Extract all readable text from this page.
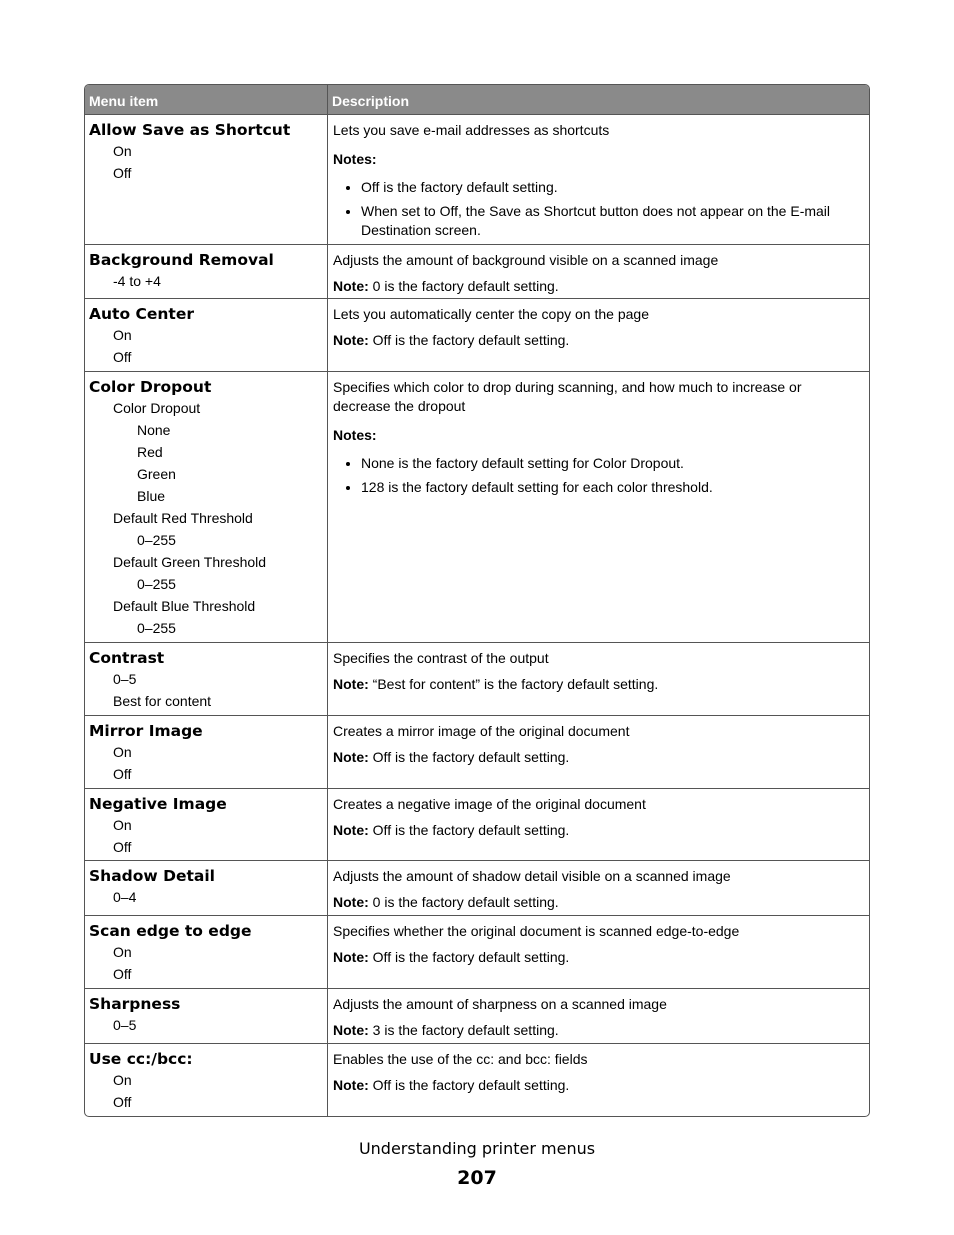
Menu item	Description
Allow Save as Shortcut
On
Off
Lets you save e-mail addresses as shortcuts
Notes:
• Off is the factory default setting.
• When set to Off, the Save as Shortcut button does not appear on the E-mail Destination screen.
Background Removal
-4 to +4
Adjusts the amount of background visible on a scanned image
Note: 0 is the factory default setting.
Auto Center
On
Off
Lets you automatically center the copy on the page
Note: Off is the factory default setting.
Color Dropout
Color Dropout
None
Red
Green
Blue
Default Red Threshold
0–255
Default Green Threshold
0–255
Default Blue Threshold
0–255
Specifies which color to drop during scanning, and how much to increase or decrease the dropout
Notes:
• None is the factory default setting for Color Dropout.
• 128 is the factory default setting for each color threshold.
Contrast
0–5
Best for content
Specifies the contrast of the output
Note: “Best for content” is the factory default setting.
Mirror Image
On
Off
Creates a mirror image of the original document
Note: Off is the factory default setting.
Negative Image
On
Off
Creates a negative image of the original document
Note: Off is the factory default setting.
Shadow Detail
0–4
Adjusts the amount of shadow detail visible on a scanned image
Note: 0 is the factory default setting.
Scan edge to edge
On
Off
Specifies whether the original document is scanned edge-to-edge
Note: Off is the factory default setting.
Sharpness
0–5
Adjusts the amount of sharpness on a scanned image
Note: 3 is the factory default setting.
Use cc:/bcc:
On
Off
Enables the use of the cc: and bcc: fields
Note: Off is the factory default setting.
Understanding printer menus
207
